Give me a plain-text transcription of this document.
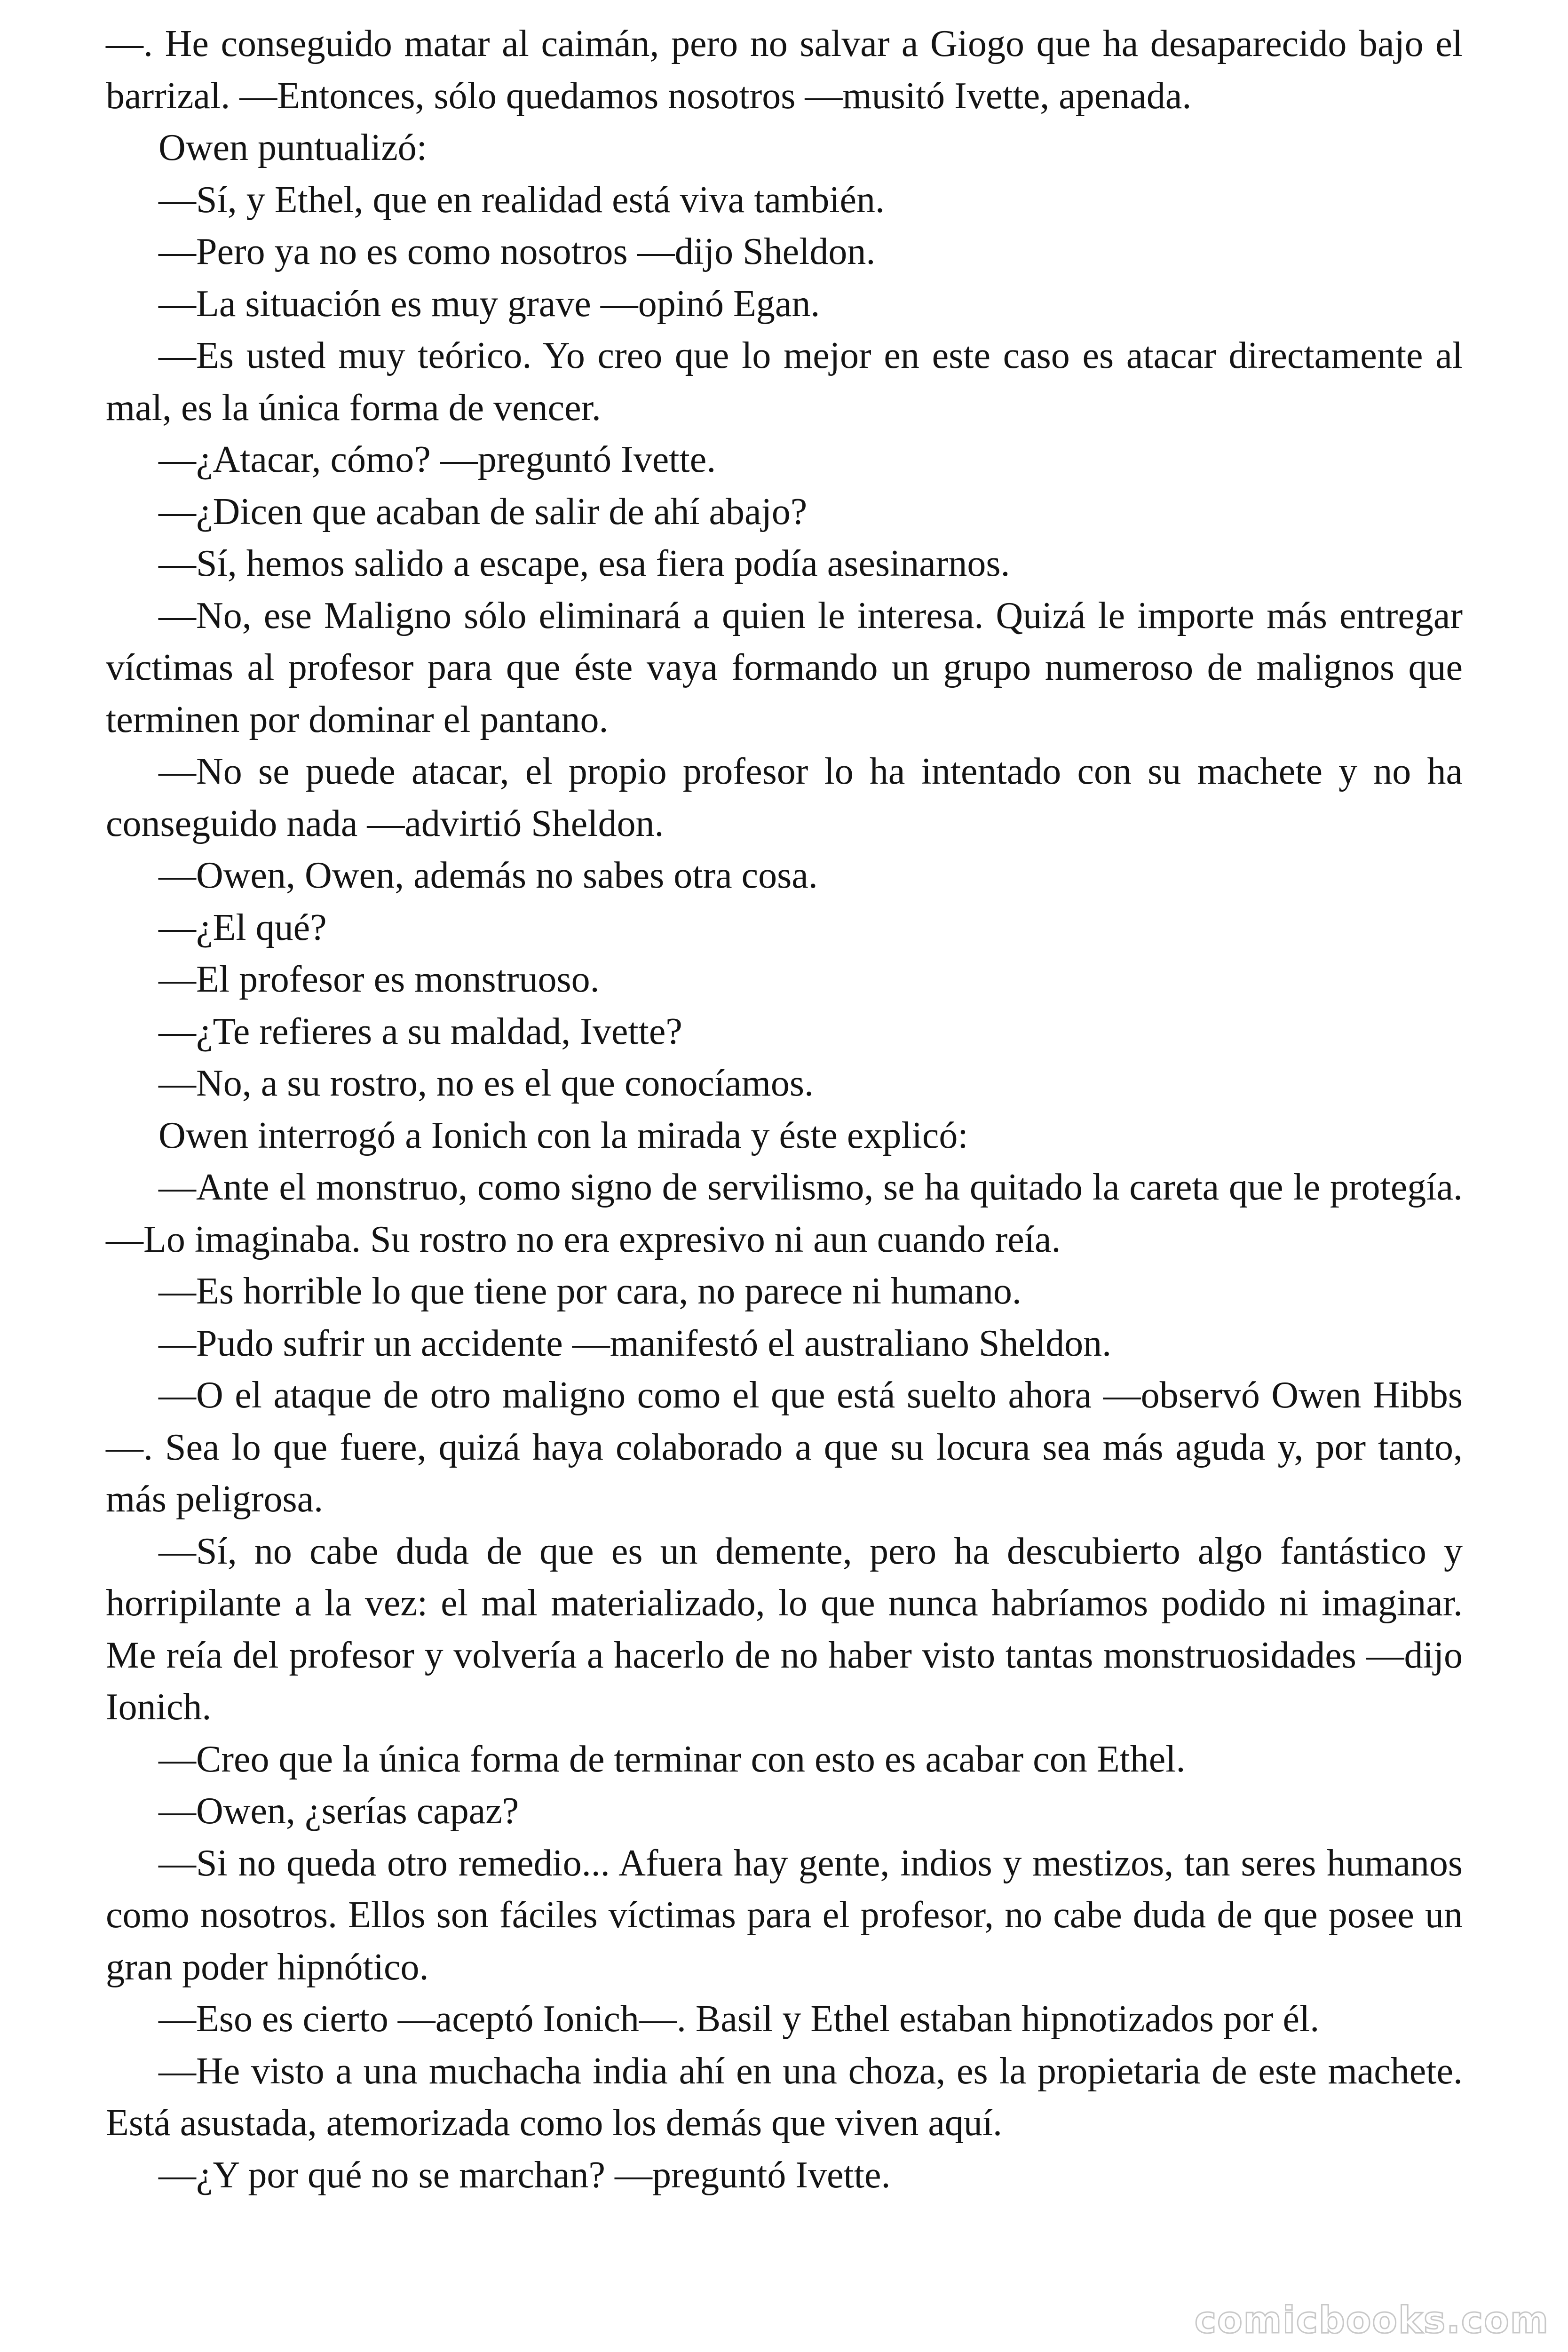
—. He conseguido matar al caimán, pero no salvar a Giogo que ha desaparecido bajo el barrizal. —Entonces, sólo quedamos nosotros —musitó Ivette, apenada.

Owen puntualizó:

—Sí, y Ethel, que en realidad está viva también.

—Pero ya no es como nosotros —dijo Sheldon.

—La situación es muy grave —opinó Egan.

—Es usted muy teórico. Yo creo que lo mejor en este caso es atacar directamente al mal, es la única forma de vencer.

—¿Atacar, cómo? —preguntó Ivette.

—¿Dicen que acaban de salir de ahí abajo?

—Sí, hemos salido a escape, esa fiera podía asesinarnos.

—No, ese Maligno sólo eliminará a quien le interesa. Quizá le importe más entregar víctimas al profesor para que éste vaya formando un grupo numeroso de malignos que terminen por dominar el pantano.

—No se puede atacar, el propio profesor lo ha intentado con su machete y no ha conseguido nada —advirtió Sheldon.

—Owen, Owen, además no sabes otra cosa.

—¿El qué?

—El profesor es monstruoso.

—¿Te refieres a su maldad, Ivette?

—No, a su rostro, no es el que conocíamos.

Owen interrogó a Ionich con la mirada y éste explicó:

—Ante el monstruo, como signo de servilismo, se ha quitado la careta que le protegía. —Lo imaginaba. Su rostro no era expresivo ni aun cuando reía.

—Es horrible lo que tiene por cara, no parece ni humano.

—Pudo sufrir un accidente —manifestó el australiano Sheldon.

—O el ataque de otro maligno como el que está suelto ahora —observó Owen Hibbs—. Sea lo que fuere, quizá haya colaborado a que su locura sea más aguda y, por tanto, más peligrosa.

—Sí, no cabe duda de que es un demente, pero ha descubierto algo fantástico y horripilante a la vez: el mal materializado, lo que nunca habríamos podido ni imaginar. Me reía del profesor y volvería a hacerlo de no haber visto tantas monstruosidades —dijo Ionich.

—Creo que la única forma de terminar con esto es acabar con Ethel.

—Owen, ¿serías capaz?

—Si no queda otro remedio... Afuera hay gente, indios y mestizos, tan seres humanos como nosotros. Ellos son fáciles víctimas para el profesor, no cabe duda de que posee un gran poder hipnótico.

—Eso es cierto —aceptó Ionich—. Basil y Ethel estaban hipnotizados por él.

—He visto a una muchacha india ahí en una choza, es la propietaria de este machete. Está asustada, atemorizada como los demás que viven aquí.

—¿Y por qué no se marchan? —preguntó Ivette.

comicbooks.com
